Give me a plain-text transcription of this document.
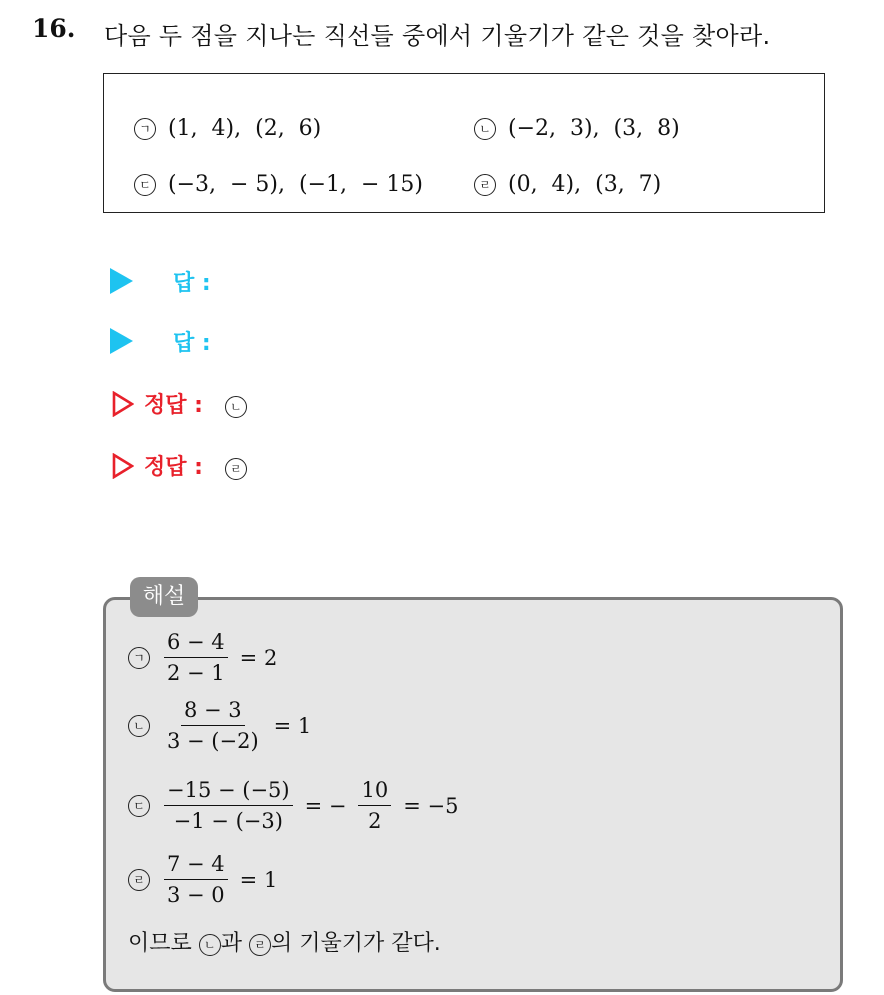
16. 다음 두 점을 지나는 직선들 중에서 기울기가 같은 것을 찾아라.
ㄱ (1,  4),  (2,  6)	ㄴ (−2,  3),  (3,  8)
ㄷ (−3,  − 5),  (−1,  − 15)	ㄹ (0,  4),  (3,  7)
답 :
답 :
정답 : ㄴ
정답 : ㄹ
해설
ㄱ $\frac{6 - 4}{2 - 1} = 2$
ㄴ $\frac{8 - 3}{3 - (-2)} = 1$
ㄷ $\frac{-15 - (-5)}{-1 - (-3)}$ = − $\frac{10}{2} = -5$
ㄹ $\frac{7 - 4}{3 - 0} = 1$
이므로 ㄴ 과 ㄹ 의 기울기가 같다.
